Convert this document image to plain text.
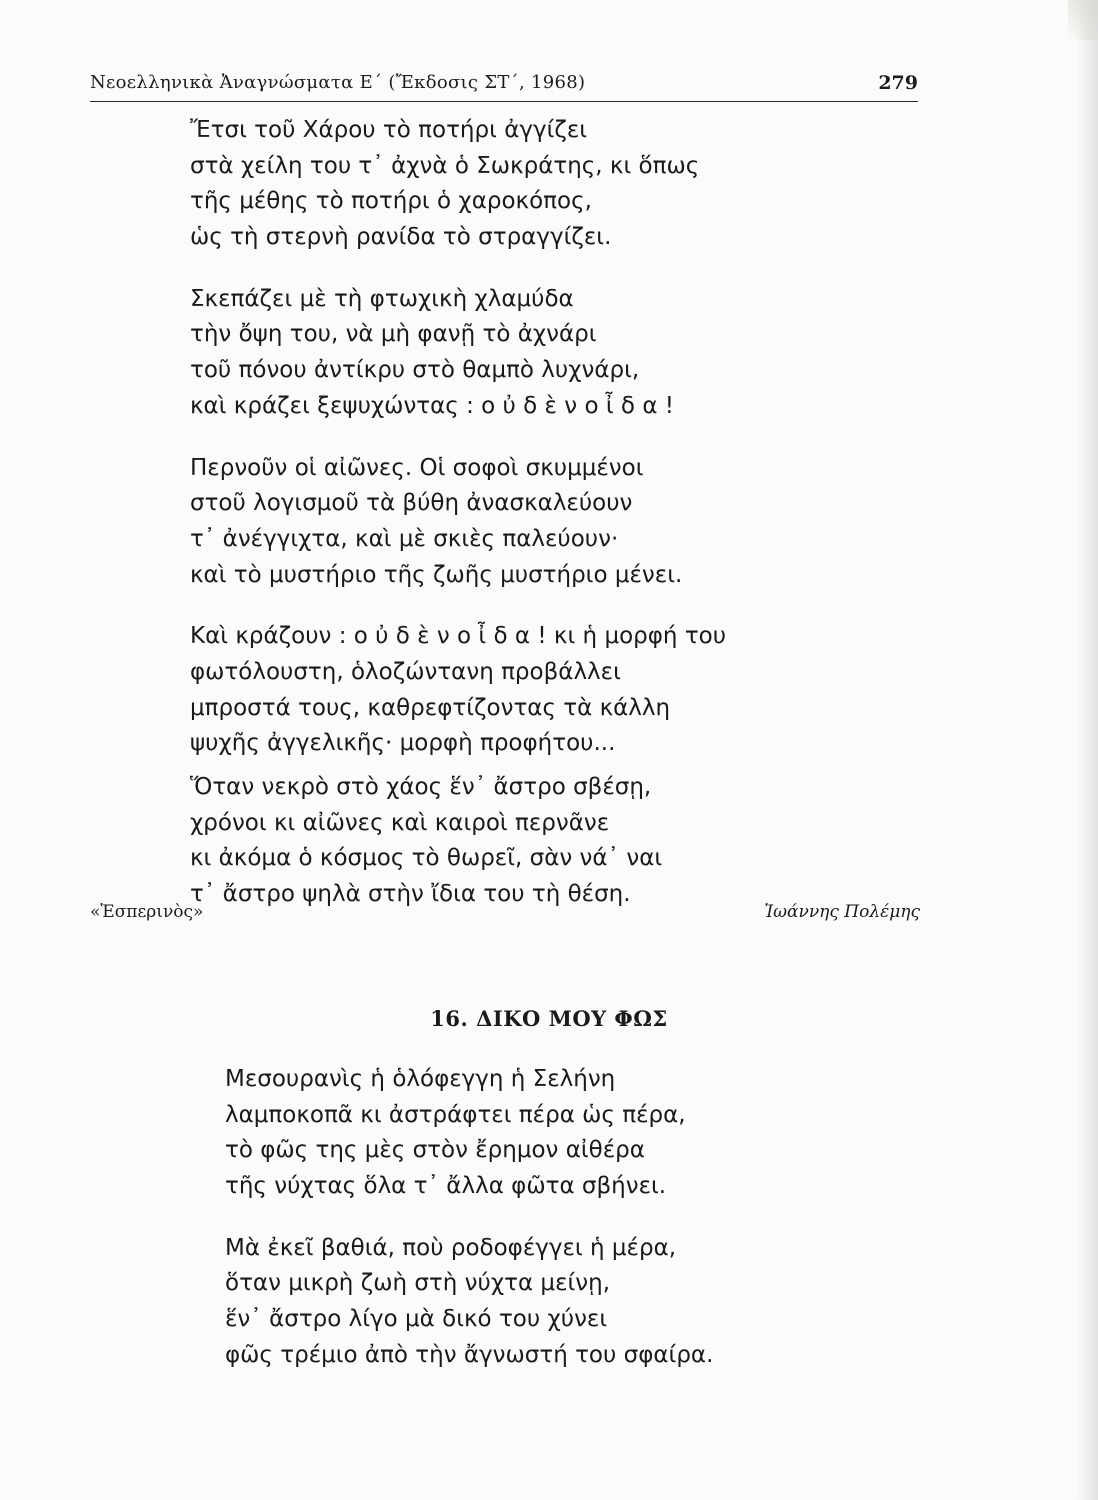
Νεοελληνικὰ Ἀναγνώσματα Ε΄ (Ἔκδοσις ΣΤ΄, 1968)	279
Ἔτσι τοῦ Χάρου τὸ ποτήρι ἀγγίζει
στὰ χείλη του τ᾿ ἀχνὰ ὁ Σωκράτης, κι ὅπως
τῆς μέθης τὸ ποτήρι ὁ χαροκόπος,
ὡς τὴ στερνὴ ρανίδα τὸ στραγγίζει.
Σκεπάζει μὲ τὴ φτωχικὴ χλαμύδα
τὴν ὄψη του, νὰ μὴ φανῇ τὸ ἀχνάρι
τοῦ πόνου ἀντίκρυ στὸ θαμπὸ λυχνάρι,
καὶ κράζει ξεψυχώντας : ο ὐ δ ὲ ν ο ἶ δ α !
Περνοῦν οἱ αἰῶνες. Οἱ σοφοὶ σκυμμένοι
στοῦ λογισμοῦ τὰ βύθη ἀνασκαλεύουν
τ᾿ ἀνέγγιχτα, καὶ μὲ σκιὲς παλεύουν·
καὶ τὸ μυστήριο τῆς ζωῆς μυστήριο μένει.
Καὶ κράζουν : ο ὐ δ ὲ ν ο ἶ δ α ! κι ἡ μορφή του
φωτόλουστη, ὁλοζώντανη προβάλλει
μπροστά τους, καθρεφτίζοντας τὰ κάλλη
ψυχῆς ἀγγελικῆς· μορφὴ προφήτου...
Ὅταν νεκρὸ στὸ χάος ἕν᾿ ἄστρο σβέσῃ,
χρόνοι κι αἰῶνες καὶ καιροὶ περνᾶνε
κι ἀκόμα ὁ κόσμος τὸ θωρεῖ, σὰν νά᾿ ναι
τ᾿ ἄστρο ψηλὰ στὴν ἴδια του τὴ θέση.
«Ἑσπερινὸς»	Ἰωάννης Πολέμης
16. ΔΙΚΟ ΜΟΥ ΦΩΣ
Μεσουρανὶς ἡ ὁλόφεγγη ἡ Σελήνη
λαμποκοπᾶ κι ἀστράφτει πέρα ὡς πέρα,
τὸ φῶς της μὲς στὸν ἔρημον αἰθέρα
τῆς νύχτας ὅλα τ᾿ ἄλλα φῶτα σβήνει.
Μὰ ἐκεῖ βαθιά, ποὺ ροδοφέγγει ἡ μέρα,
ὅταν μικρὴ ζωὴ στὴ νύχτα μείνῃ,
ἕν᾿ ἄστρο λίγο μὰ δικό του χύνει
φῶς τρέμιο ἀπὸ τὴν ἄγνωστή του σφαίρα.
